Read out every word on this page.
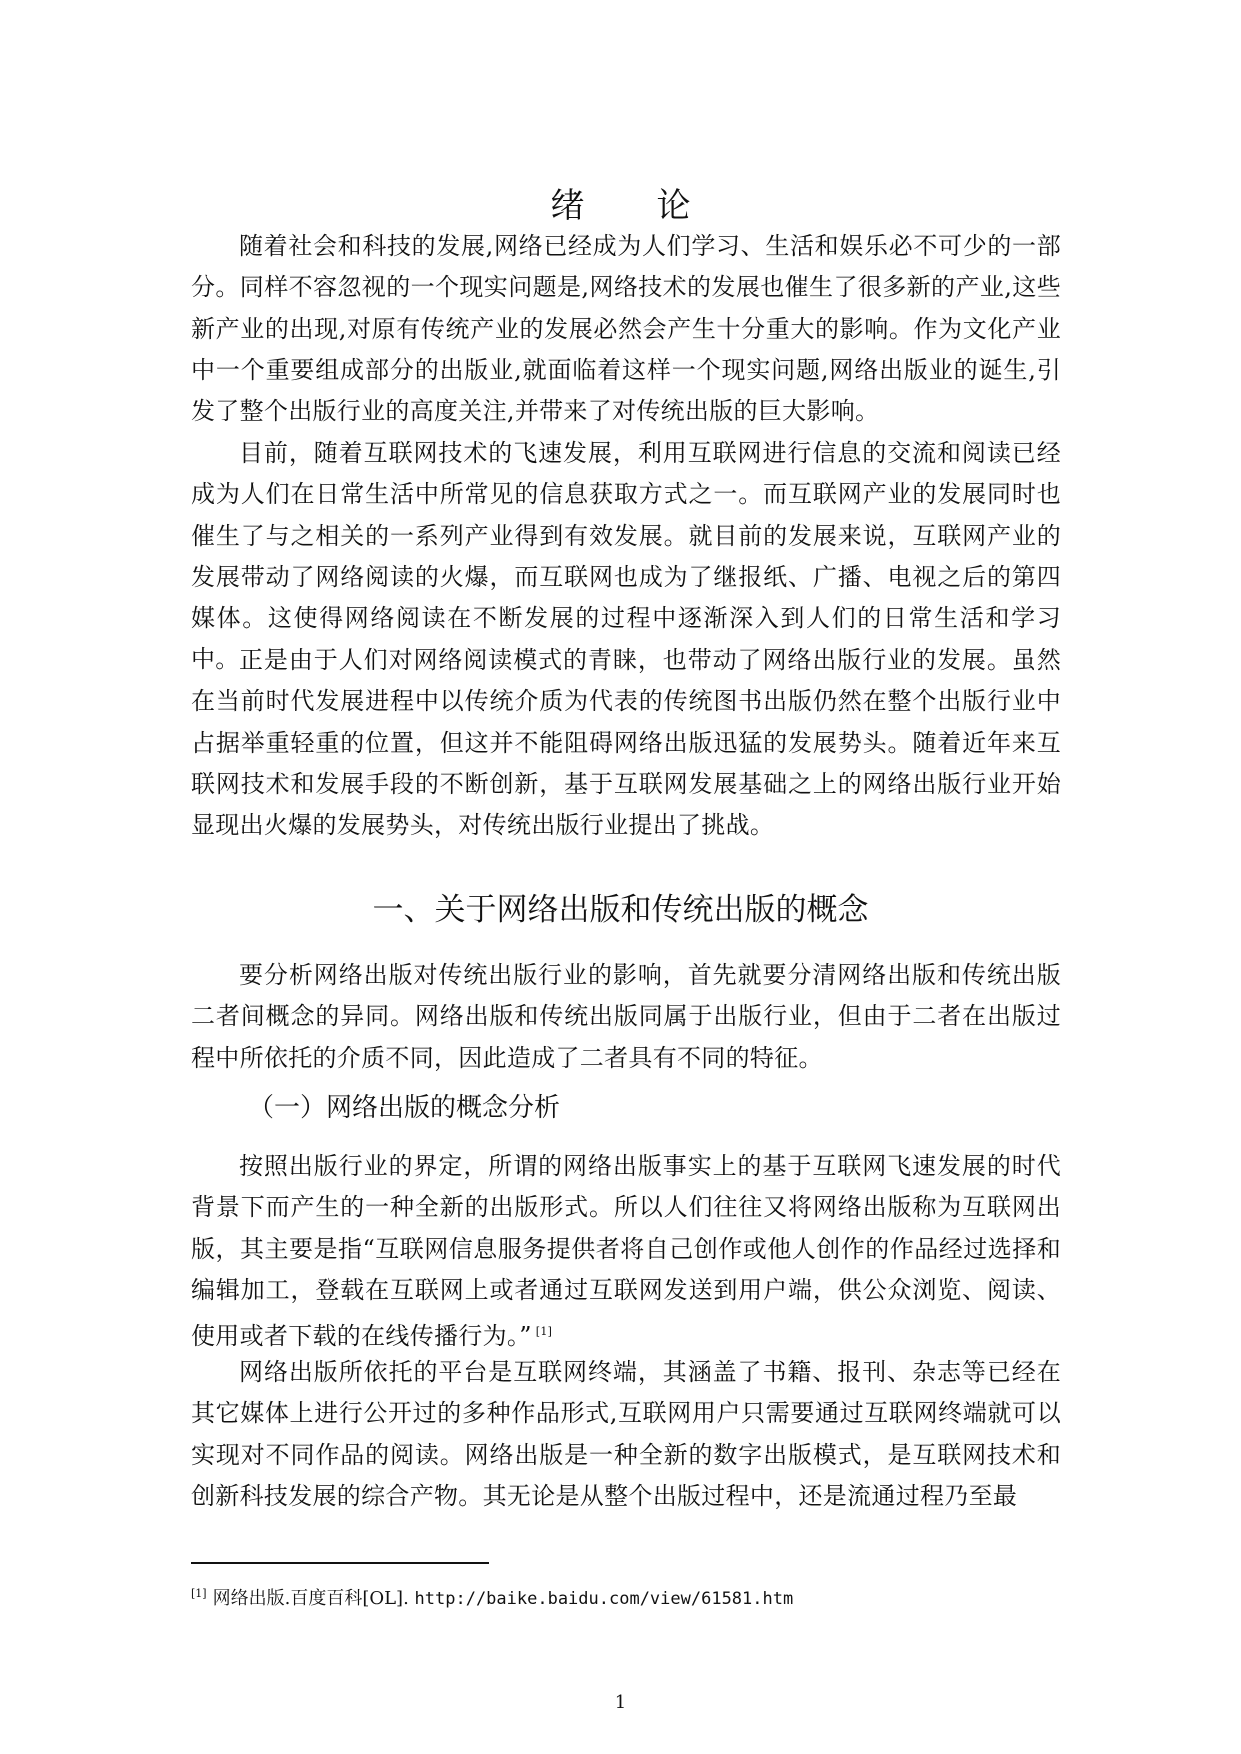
绪 论

随着社会和科技的发展,网络已经成为人们学习、生活和娱乐必不可少的一部分。同样不容忽视的一个现实问题是,网络技术的发展也催生了很多新的产业,这些新产业的出现,对原有传统产业的发展必然会产生十分重大的影响。作为文化产业中一个重要组成部分的出版业,就面临着这样一个现实问题,网络出版业的诞生,引发了整个出版行业的高度关注,并带来了对传统出版的巨大影响。

目前，随着互联网技术的飞速发展，利用互联网进行信息的交流和阅读已经成为人们在日常生活中所常见的信息获取方式之一。而互联网产业的发展同时也催生了与之相关的一系列产业得到有效发展。就目前的发展来说，互联网产业的发展带动了网络阅读的火爆，而互联网也成为了继报纸、广播、电视之后的第四媒体。这使得网络阅读在不断发展的过程中逐渐深入到人们的日常生活和学习中。 正是由于人们对网络阅读模式的青睐，也带动了网络出版行业的发展。虽然在当前时代发展进程中以传统介质为代表的传统图书出版仍然在整个出版行业中占据举重轻重的位置，但这并不能阻碍网络出版迅猛的发展势头。随着近年来互联网技术和发展手段的不断创新，基于互联网发展基础之上的网络出版行业开始显现出火爆的发展势头，对传统出版行业提出了挑战。

一、关于网络出版和传统出版的概念

要分析网络出版对传统出版行业的影响，首先就要分清网络出版和传统出版二者间概念的异同。网络出版和传统出版同属于出版行业，但由于二者在出版过程中所依托的介质不同，因此造成了二者具有不同的特征。

（一）网络出版的概念分析

按照出版行业的界定，所谓的网络出版事实上的基于互联网飞速发展的时代背景下而产生的一种全新的出版形式。所以人们往往又将网络出版称为互联网出版，其主要是指“互联网信息服务提供者将自己创作或他人创作的作品经过选择和编辑加工，登载在互联网上或者通过互联网发送到用户端，供公众浏览、阅读、使用或者下载的在线传播行为。” [1]

网络出版所依托的平台是互联网终端，其涵盖了书籍、报刊、杂志等已经在其它媒体上进行公开过的多种作品形式,互联网用户只需要通过互联网终端就可以实现对不同作品的阅读。网络出版是一种全新的数字出版模式，是互联网技术和创新科技发展的综合产物。其无论是从整个出版过程中，还是流通过程乃至最

[1] 网络出版.百度百科[OL]. http://baike.baidu.com/view/61581.htm
1
